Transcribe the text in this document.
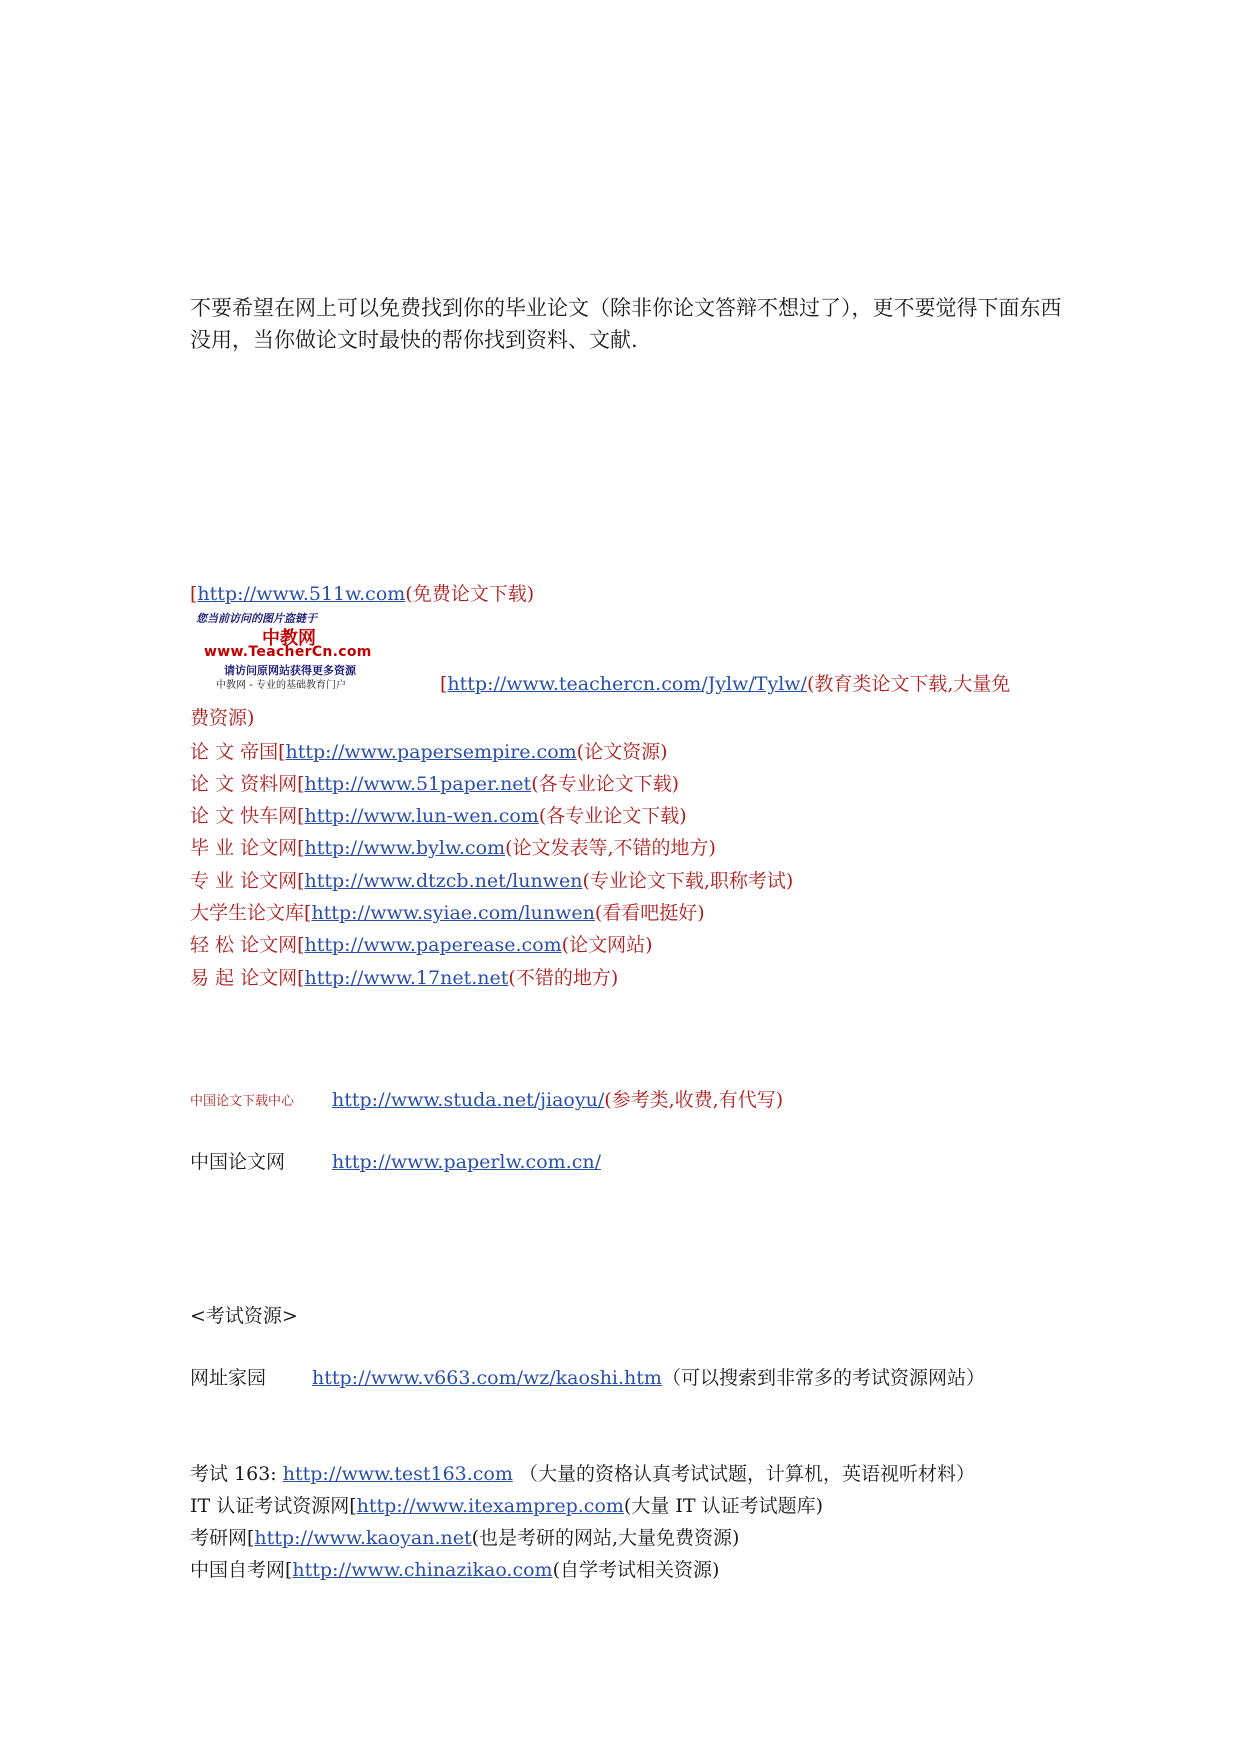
不要希望在网上可以免费找到你的毕业论文（除非你论文答辩不想过了），更不要觉得下面东西没用，当你做论文时最快的帮你找到资料、文献.
[http://www.511w.com(免费论文下载)
您当前访问的图片盗链于
中教网
www.TeacherCn.com
请访问原网站获得更多资源
中教网 - 专业的基础教育门户	[http://www.teachercn.com/Jylw/Tylw/(教育类论文下载,大量免
费资源)
论 文 帝国[http://www.papersempire.com(论文资源)
论 文 资料网[http://www.51paper.net(各专业论文下载)
论 文 快车网[http://www.lun-wen.com(各专业论文下载)
毕 业 论文网[http://www.bylw.com(论文发表等,不错的地方)
专 业 论文网[http://www.dtzcb.net/lunwen(专业论文下载,职称考试)
大学生论文库[http://www.syiae.com/lunwen(看看吧挺好)
轻 松 论文网[http://www.paperease.com(论文网站)
易 起 论文网[http://www.17net.net(不错的地方)
中国论文下载中心 http://www.studa.net/jiaoyu/(参考类,收费,有代写)
中国论文网 http://www.paperlw.com.cn/
<考试资源>
网址家园 http://www.v663.com/wz/kaoshi.htm（可以搜索到非常多的考试资源网站）
考试 163: http://www.test163.com （大量的资格认真考试试题，计算机，英语视听材料）
IT 认证考试资源网[http://www.itexamprep.com(大量 IT 认证考试题库)
考研网[http://www.kaoyan.net(也是考研的网站,大量免费资源)
中国自考网[http://www.chinazikao.com(自学考试相关资源)
